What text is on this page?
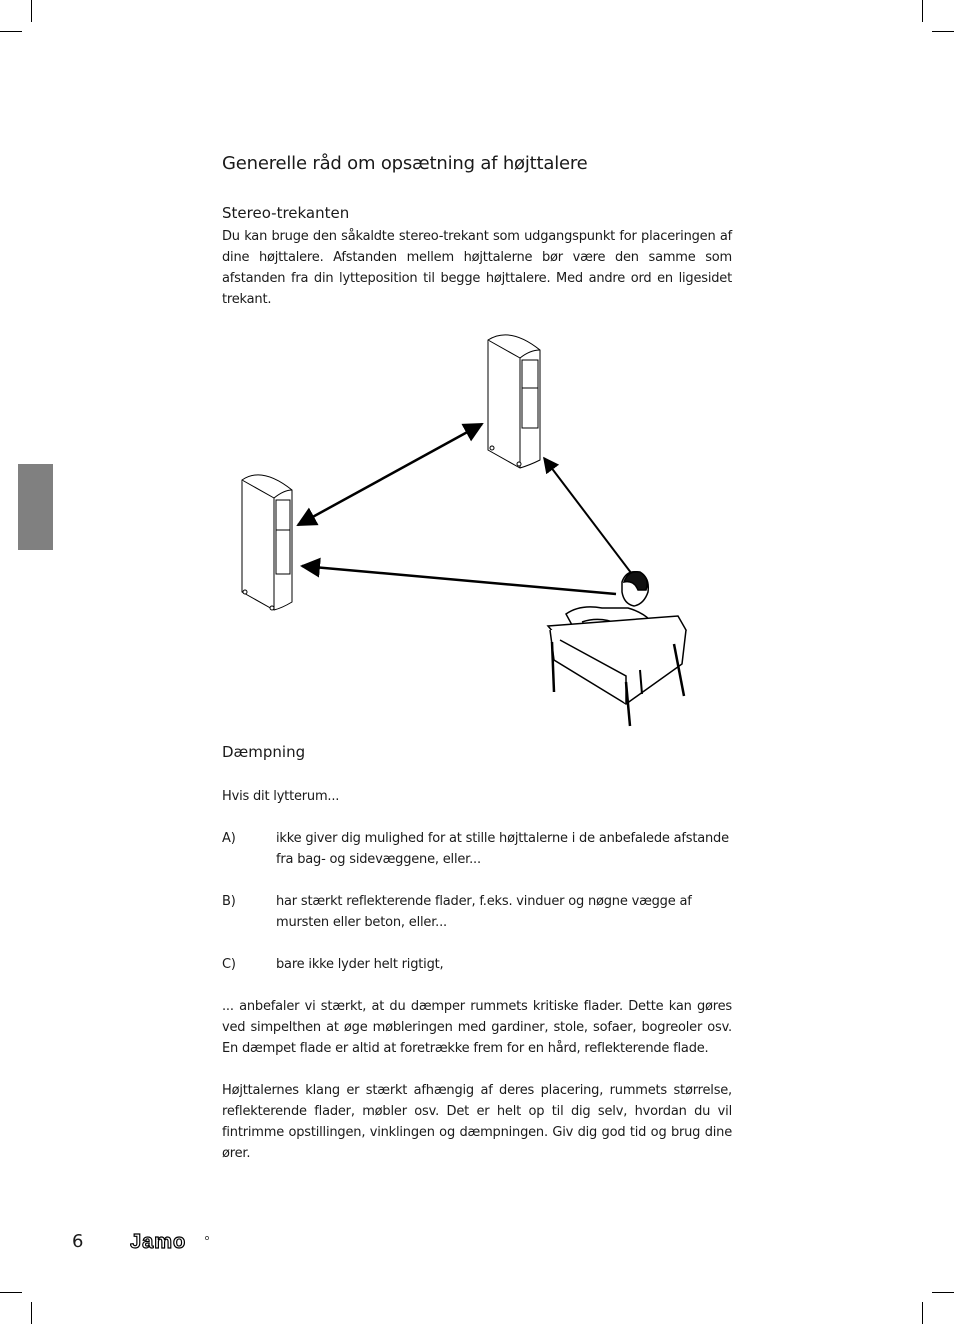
Generelle råd om opsætning af højttalere
Stereo-trekanten

Du kan bruge den såkaldte stereo-trekant som udgangspunkt for placeringen af dine højttalere. Afstanden mellem højttalerne bør være den samme som afstanden fra din lytteposition til begge højttalere. Med andre ord en ligesidet trekant.

Dæmpning

Hvis dit lytterum...

A)	ikke giver dig mulighed for at stille højttalerne i de anbefalede afstande fra bag- og sidevæggene, eller...
B)	har stærkt reflekterende flader, f.eks. vinduer og nøgne vægge af mursten eller beton, eller...
C)	bare ikke lyder helt rigtigt,

... anbefaler vi stærkt, at du dæmper rummets kritiske flader. Dette kan gøres ved simpelthen at øge møbleringen med gardiner, stole, sofaer, bogreoler osv. En dæmpet flade er altid at foretrække frem for en hård, reflekterende flade.

Højttalernes klang er stærkt afhængig af deres placering, rummets størrelse, reflekterende flader, møbler osv. Det er helt op til dig selv, hvordan du vil fintrimme opstillingen, vinklingen og dæmpningen. Giv dig god tid og brug dine ører.

6 Jamo
